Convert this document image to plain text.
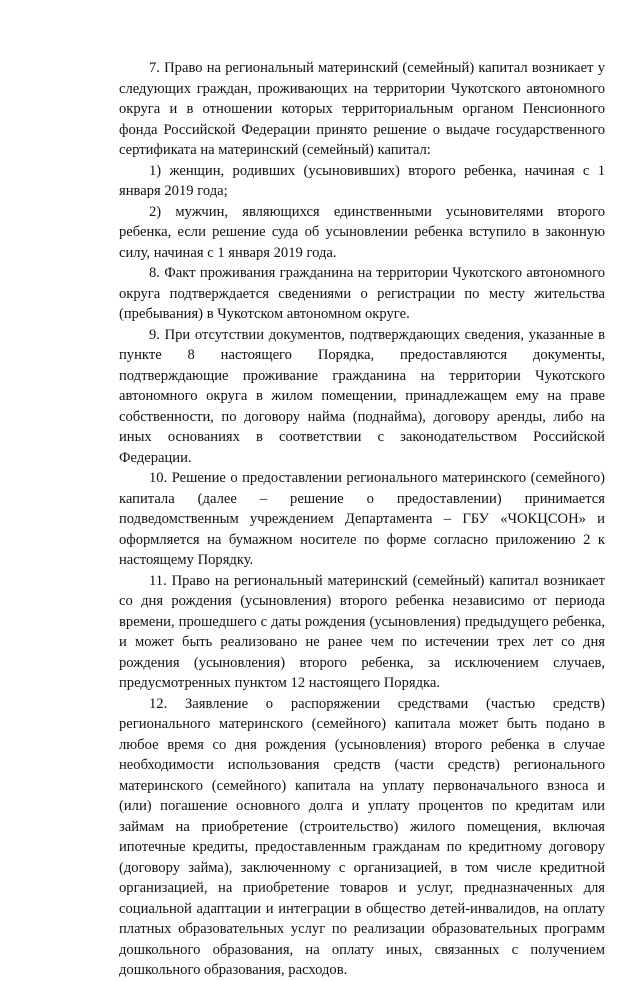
7. Право на региональный материнский (семейный) капитал возникает у следующих граждан, проживающих на территории Чукотского автономного округа и в отношении которых территориальным органом Пенсионного фонда Российской Федерации принято решение о выдаче государственного сертификата на материнский (семейный) капитал:

1) женщин, родивших (усыновивших) второго ребенка, начиная с 1 января 2019 года;

2) мужчин, являющихся единственными усыновителями второго ребенка, если решение суда об усыновлении ребенка вступило в законную силу, начиная с 1 января 2019 года.

8. Факт проживания гражданина на территории Чукотского автономного округа подтверждается сведениями о регистрации по месту жительства (пребывания) в Чукотском автономном округе.

9. При отсутствии документов, подтверждающих сведения, указанные в пункте 8 настоящего Порядка, предоставляются документы, подтверждающие проживание гражданина на территории Чукотского автономного округа в жилом помещении, принадлежащем ему на праве собственности, по договору найма (поднайма), договору аренды, либо на иных основаниях в соответствии с законодательством Российской Федерации.

10. Решение о предоставлении регионального материнского (семейного) капитала (далее – решение о предоставлении) принимается подведомственным учреждением Департамента – ГБУ «ЧОКЦСОН» и оформляется на бумажном носителе по форме согласно приложению 2 к настоящему Порядку.

11. Право на региональный материнский (семейный) капитал возникает со дня рождения (усыновления) второго ребенка независимо от периода времени, прошедшего с даты рождения (усыновления) предыдущего ребенка, и может быть реализовано не ранее чем по истечении трех лет со дня рождения (усыновления) второго ребенка, за исключением случаев, предусмотренных пунктом 12 настоящего Порядка.

12. Заявление о распоряжении средствами (частью средств) регионального материнского (семейного) капитала может быть подано в любое время со дня рождения (усыновления) второго ребенка в случае необходимости использования средств (части средств) регионального материнского (семейного) капитала на уплату первоначального взноса и (или) погашение основного долга и уплату процентов по кредитам или займам на приобретение (строительство) жилого помещения, включая ипотечные кредиты, предоставленным гражданам по кредитному договору (договору займа), заключенному с организацией, в том числе кредитной организацией, на приобретение товаров и услуг, предназначенных для социальной адаптации и интеграции в общество детей-инвалидов, на оплату платных образовательных услуг по реализации образовательных программ дошкольного образования, на оплату иных, связанных с получением дошкольного образования, расходов.
